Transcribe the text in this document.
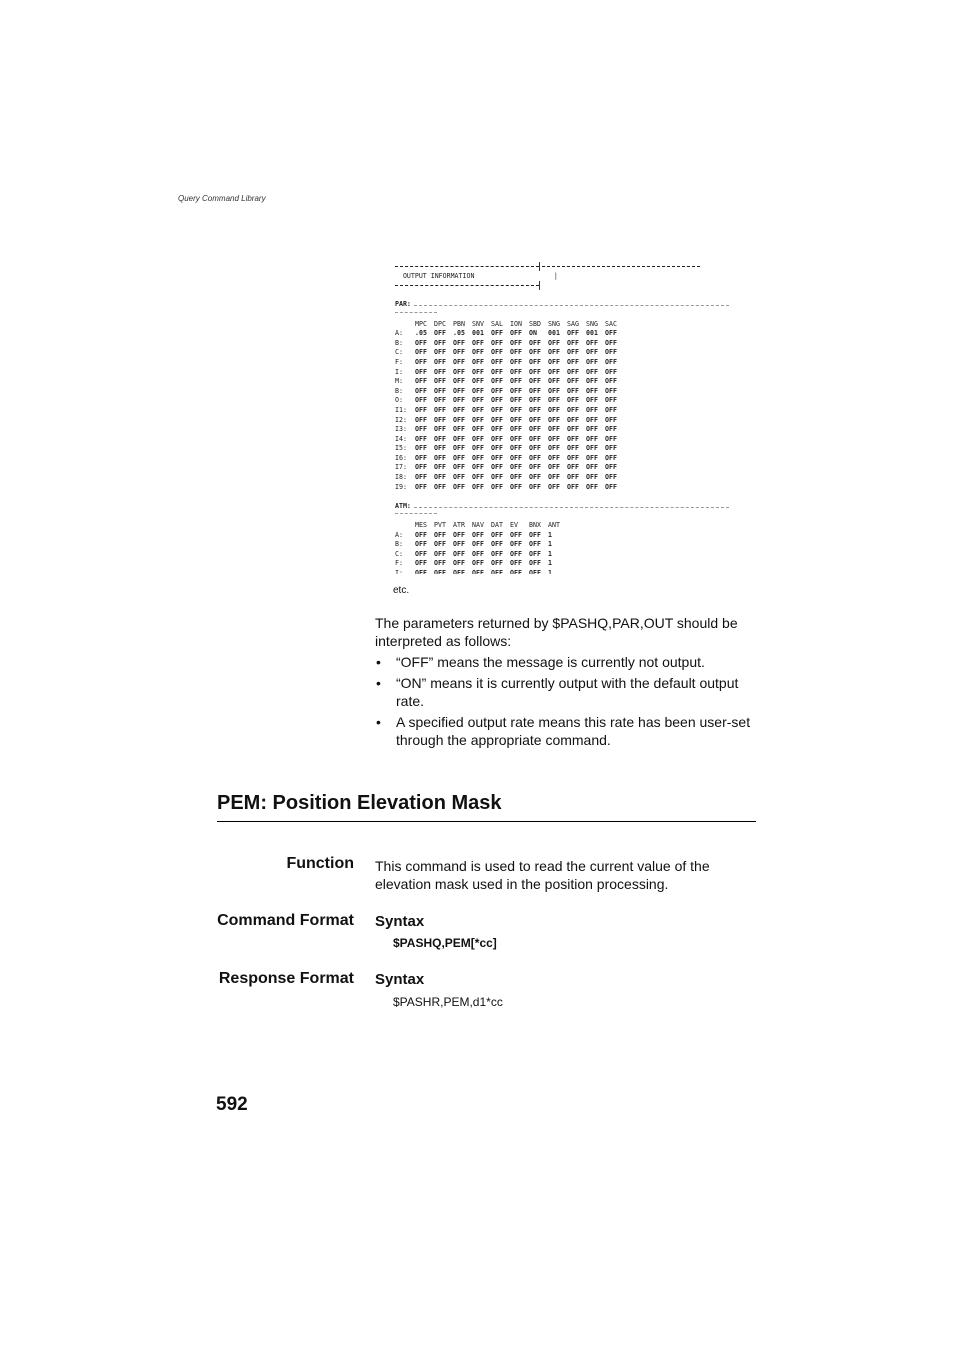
Query Command Library
OUTPUT INFORMATION                    |
PAR:
MPC DPC PBN SNV SAL ION SBD SNG SAG SNG SAC
A: .05 OFF .05 001 OFF OFF ON 001 OFF 001 OFF
B: OFF OFF OFF OFF OFF OFF OFF OFF OFF OFF OFF
C: OFF OFF OFF OFF OFF OFF OFF OFF OFF OFF OFF
F: OFF OFF OFF OFF OFF OFF OFF OFF OFF OFF OFF
I: OFF OFF OFF OFF OFF OFF OFF OFF OFF OFF OFF
M: OFF OFF OFF OFF OFF OFF OFF OFF OFF OFF OFF
B: OFF OFF OFF OFF OFF OFF OFF OFF OFF OFF OFF
O: OFF OFF OFF OFF OFF OFF OFF OFF OFF OFF OFF
I1: OFF OFF OFF OFF OFF OFF OFF OFF OFF OFF OFF
I2: OFF OFF OFF OFF OFF OFF OFF OFF OFF OFF OFF
I3: OFF OFF OFF OFF OFF OFF OFF OFF OFF OFF OFF
I4: OFF OFF OFF OFF OFF OFF OFF OFF OFF OFF OFF
I5: OFF OFF OFF OFF OFF OFF OFF OFF OFF OFF OFF
I6: OFF OFF OFF OFF OFF OFF OFF OFF OFF OFF OFF
I7: OFF OFF OFF OFF OFF OFF OFF OFF OFF OFF OFF
I8: OFF OFF OFF OFF OFF OFF OFF OFF OFF OFF OFF
I9: OFF OFF OFF OFF OFF OFF OFF OFF OFF OFF OFF
ATM:
MES PVT ATR NAV DAT EV BNX ANT
A: OFF OFF OFF OFF OFF OFF OFF 1
B: OFF OFF OFF OFF OFF OFF OFF 1
C: OFF OFF OFF OFF OFF OFF OFF 1
F: OFF OFF OFF OFF OFF OFF OFF 1
I: OFF OFF OFF OFF OFF OFF OFF 1
etc.
The parameters returned by $PASHQ,PAR,OUT should be interpreted as follows:
• “OFF” means the message is currently not output.
• “ON” means it is currently output with the default output rate.
• A specified output rate means this rate has been user-set through the appropriate command.
PEM: Position Elevation Mask
Function This command is used to read the current value of the elevation mask used in the position processing.
Command Format Syntax
$PASHQ,PEM[*cc]
Response Format Syntax
$PASHR,PEM,d1*cc
592
